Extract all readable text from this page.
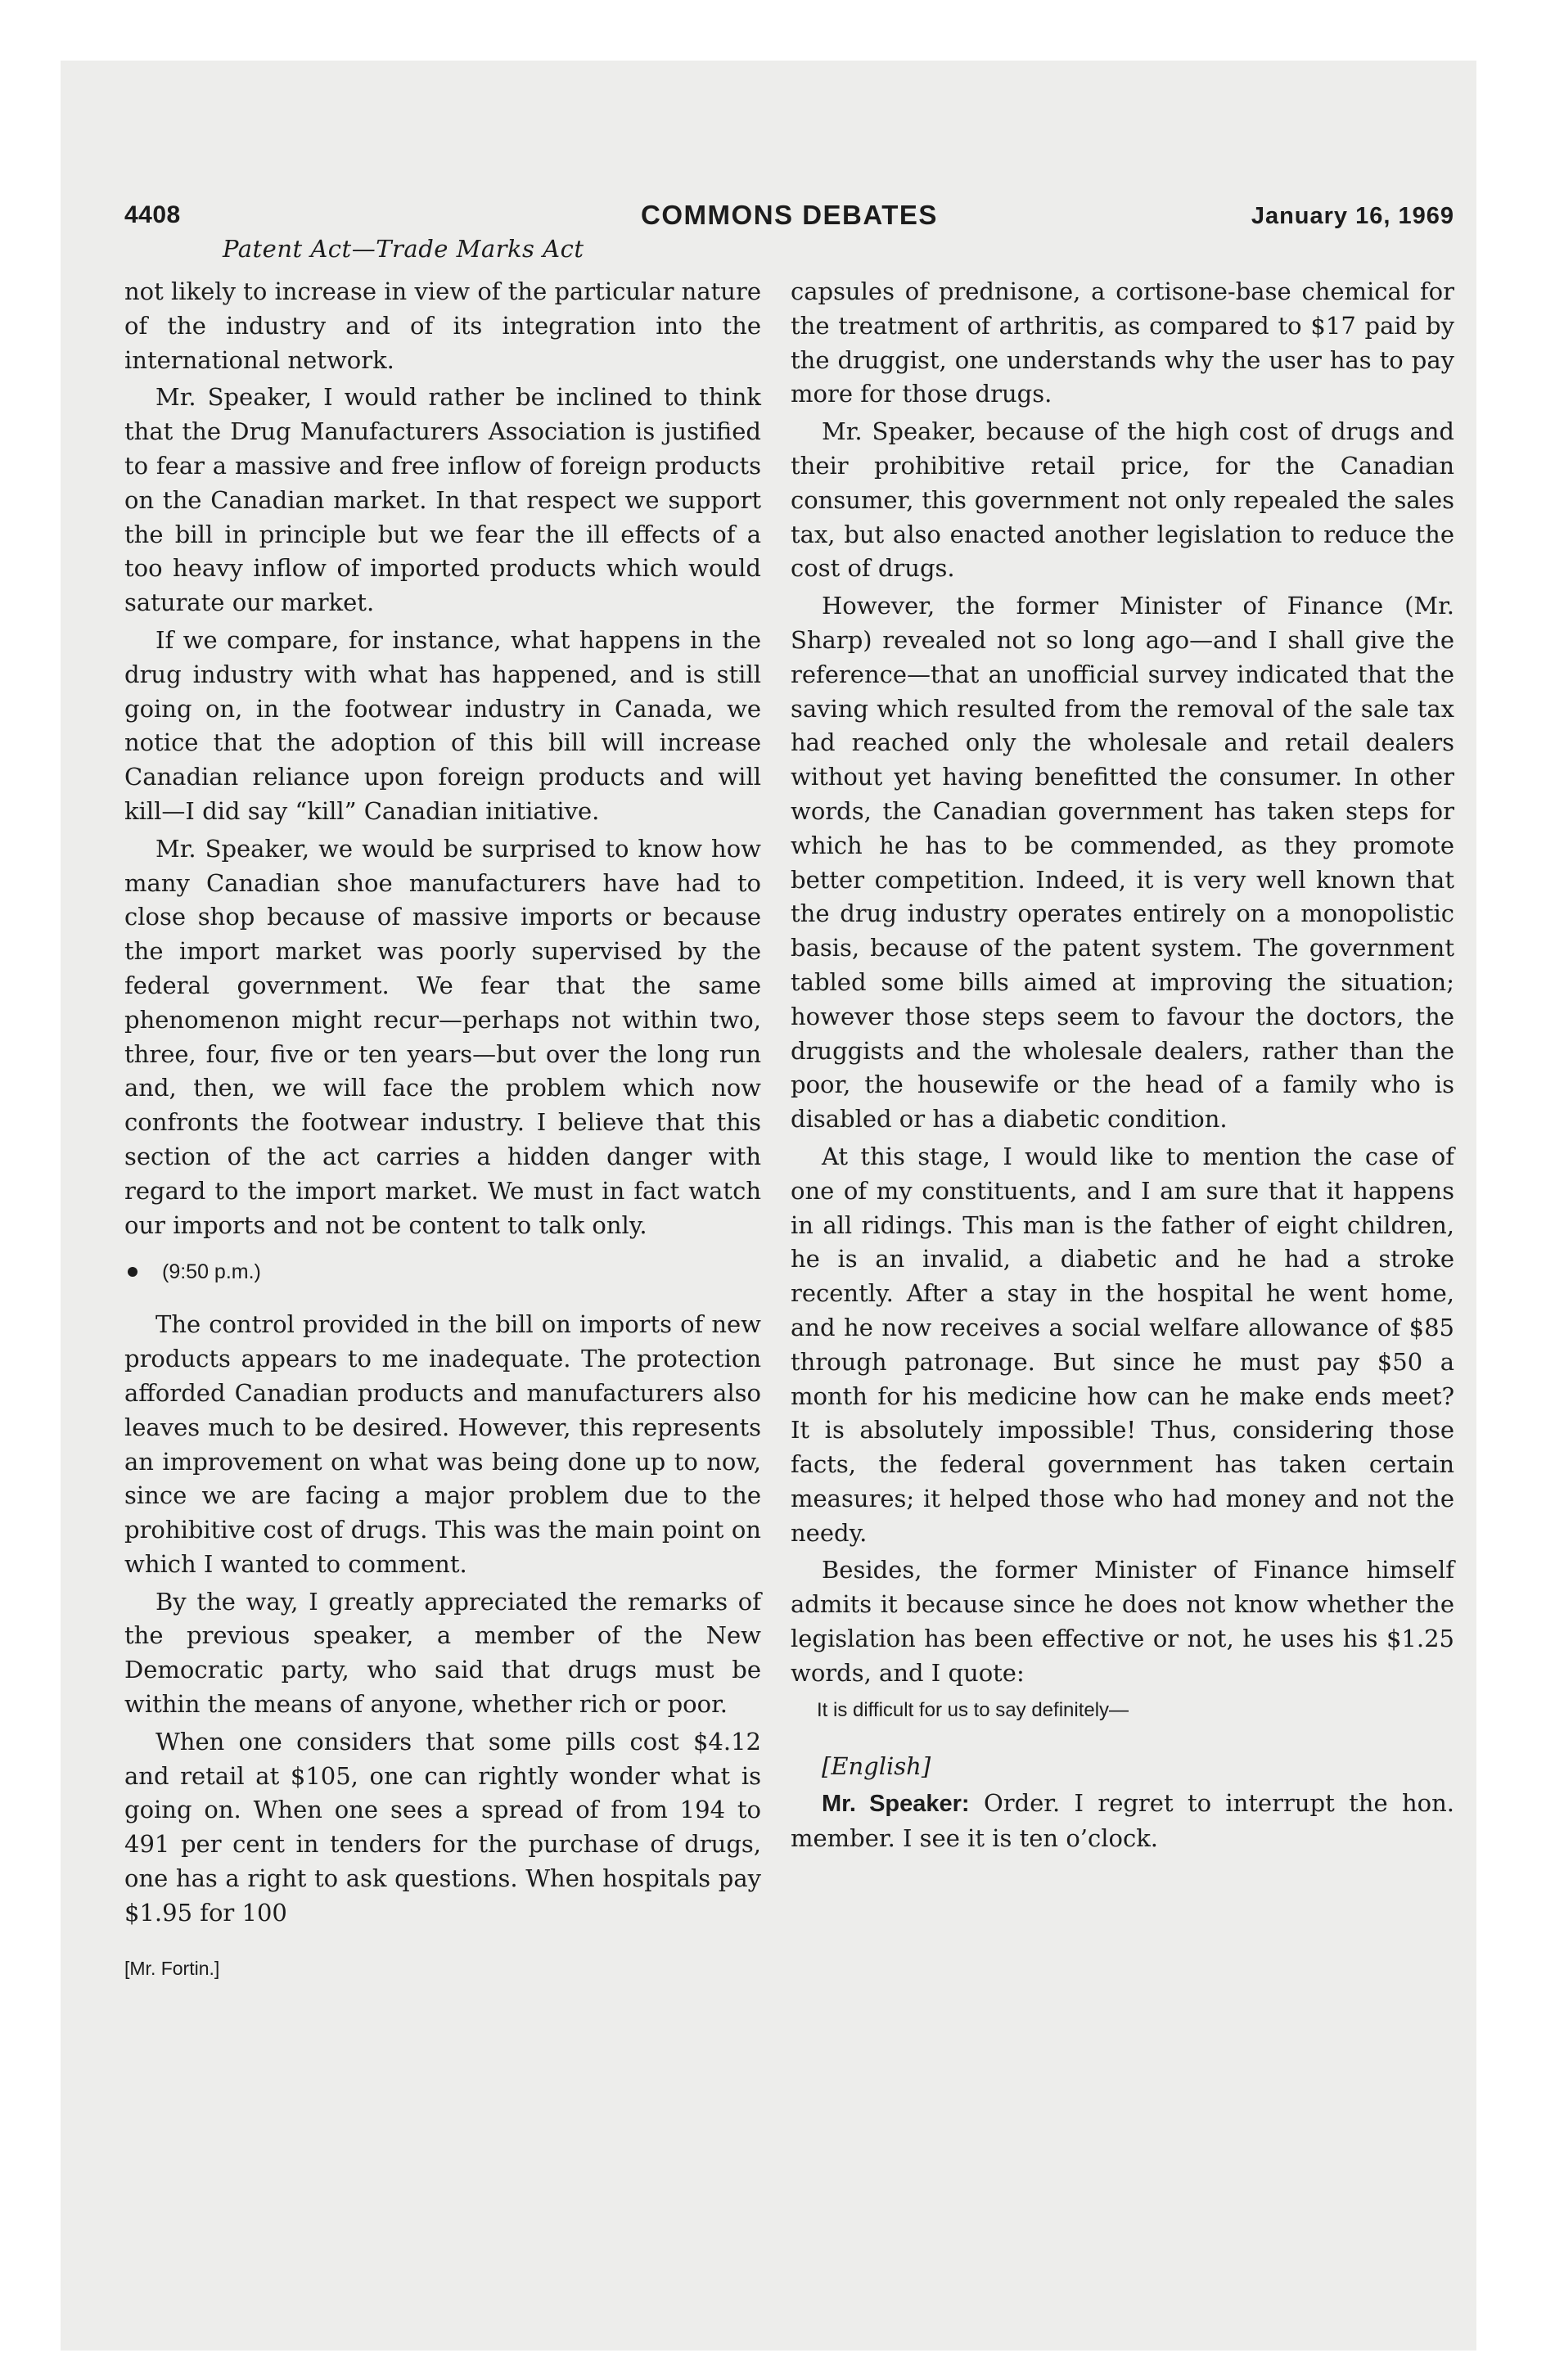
4408	COMMONS DEBATES	January 16, 1969
Patent Act—Trade Marks Act

not likely to increase in view of the particular nature of the industry and of its integration into the international network.

Mr. Speaker, I would rather be inclined to think that the Drug Manufacturers Association is justified to fear a massive and free inflow of foreign products on the Canadian market. In that respect we support the bill in principle but we fear the ill effects of a too heavy inflow of imported products which would saturate our market.

If we compare, for instance, what happens in the drug industry with what has happened, and is still going on, in the footwear industry in Canada, we notice that the adoption of this bill will increase Canadian reliance upon foreign products and will kill—I did say “kill” Canadian initiative.

Mr. Speaker, we would be surprised to know how many Canadian shoe manufacturers have had to close shop because of massive imports or because the import market was poorly supervised by the federal government. We fear that the same phenomenon might recur—perhaps not within two, three, four, five or ten years—but over the long run and, then, we will face the problem which now confronts the footwear industry. I believe that this section of the act carries a hidden danger with regard to the import market. We must in fact watch our imports and not be content to talk only.

(9:50 p.m.)

The control provided in the bill on imports of new products appears to me inadequate. The protection afforded Canadian products and manufacturers also leaves much to be desired. However, this represents an improvement on what was being done up to now, since we are facing a major problem due to the prohibitive cost of drugs. This was the main point on which I wanted to comment.

By the way, I greatly appreciated the remarks of the previous speaker, a member of the New Democratic party, who said that drugs must be within the means of anyone, whether rich or poor.

When one considers that some pills cost $4.12 and retail at $105, one can rightly wonder what is going on. When one sees a spread of from 194 to 491 per cent in tenders for the purchase of drugs, one has a right to ask questions. When hospitals pay $1.95 for 100

[Mr. Fortin.]

capsules of prednisone, a cortisone-base chemical for the treatment of arthritis, as compared to $17 paid by the druggist, one understands why the user has to pay more for those drugs.

Mr. Speaker, because of the high cost of drugs and their prohibitive retail price, for the Canadian consumer, this government not only repealed the sales tax, but also enacted another legislation to reduce the cost of drugs.

However, the former Minister of Finance (Mr. Sharp) revealed not so long ago—and I shall give the reference—that an unofficial survey indicated that the saving which resulted from the removal of the sale tax had reached only the wholesale and retail dealers without yet having benefitted the consumer. In other words, the Canadian government has taken steps for which he has to be commended, as they promote better competition. Indeed, it is very well known that the drug industry operates entirely on a monopolistic basis, because of the patent system. The government tabled some bills aimed at improving the situation; however those steps seem to favour the doctors, the druggists and the wholesale dealers, rather than the poor, the housewife or the head of a family who is disabled or has a diabetic condition.

At this stage, I would like to mention the case of one of my constituents, and I am sure that it happens in all ridings. This man is the father of eight children, he is an invalid, a diabetic and he had a stroke recently. After a stay in the hospital he went home, and he now receives a social welfare allowance of $85 through patronage. But since he must pay $50 a month for his medicine how can he make ends meet? It is absolutely impossible! Thus, considering those facts, the federal government has taken certain measures; it helped those who had money and not the needy.

Besides, the former Minister of Finance himself admits it because since he does not know whether the legislation has been effective or not, he uses his $1.25 words, and I quote:

It is difficult for us to say definitely—

[English]

Mr. Speaker: Order. I regret to interrupt the hon. member. I see it is ten o’clock.
